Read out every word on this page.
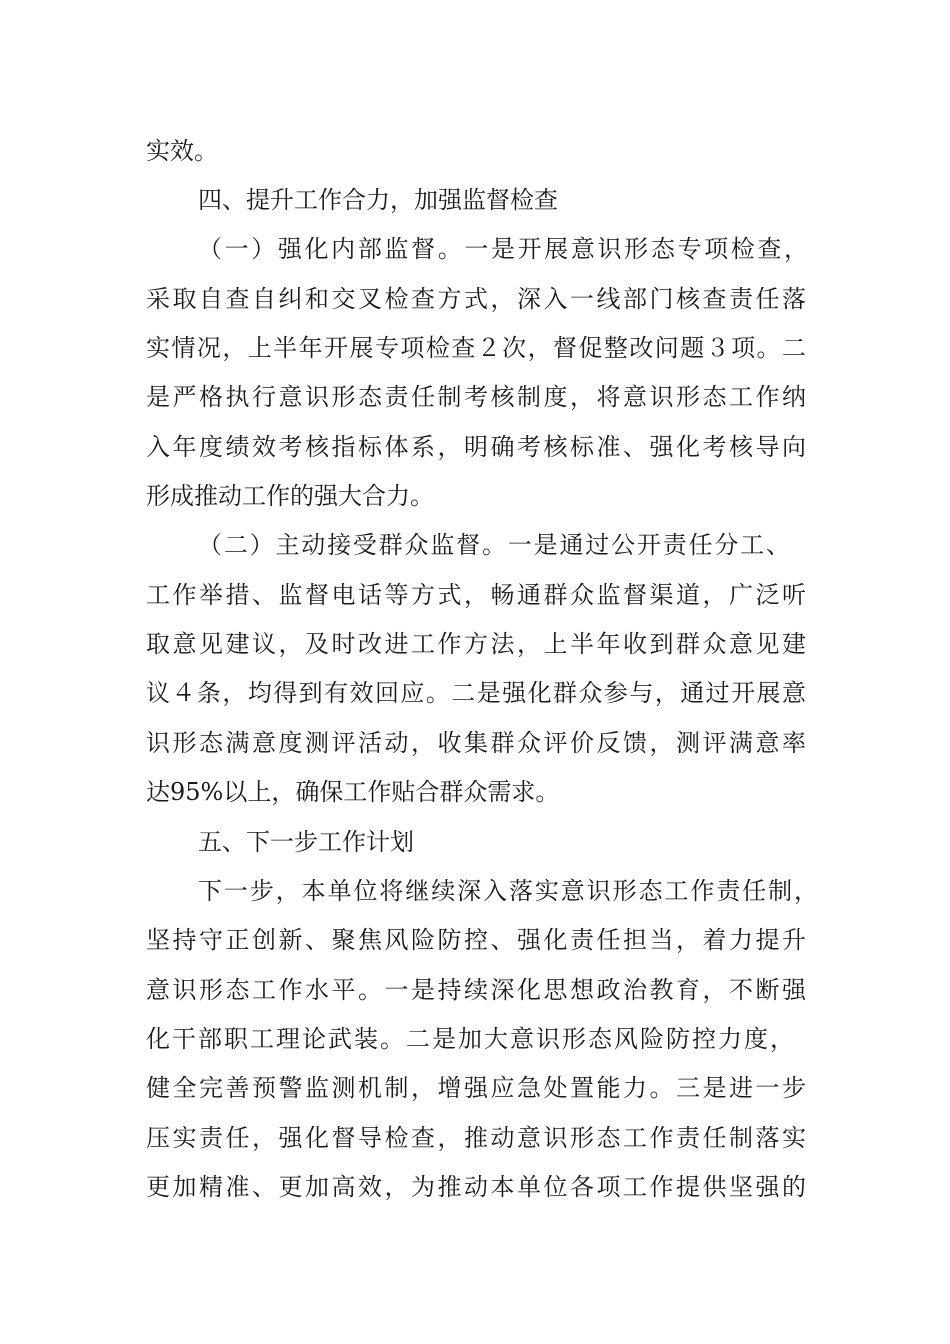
实效。
四、提升工作合力，加强监督检查
（一）强化内部监督。一是开展意识形态专项检查，
采取自查自纠和交叉检查方式，深入一线部门核查责任落
实情况，上半年开展专项检查２次，督促整改问题３项。二
是严格执行意识形态责任制考核制度，将意识形态工作纳
入年度绩效考核指标体系，明确考核标准、强化考核导向
形成推动工作的强大合力。
（二）主动接受群众监督。一是通过公开责任分工、
工作举措、监督电话等方式，畅通群众监督渠道，广泛听
取意见建议，及时改进工作方法，上半年收到群众意见建
议４条，均得到有效回应。二是强化群众参与，通过开展意
识形态满意度测评活动，收集群众评价反馈，测评满意率
达95%以上，确保工作贴合群众需求。
五、下一步工作计划
下一步，本单位将继续深入落实意识形态工作责任制，
坚持守正创新、聚焦风险防控、强化责任担当，着力提升
意识形态工作水平。一是持续深化思想政治教育，不断强
化干部职工理论武装。二是加大意识形态风险防控力度，
健全完善预警监测机制，增强应急处置能力。三是进一步
压实责任，强化督导检查，推动意识形态工作责任制落实
更加精准、更加高效，为推动本单位各项工作提供坚强的
